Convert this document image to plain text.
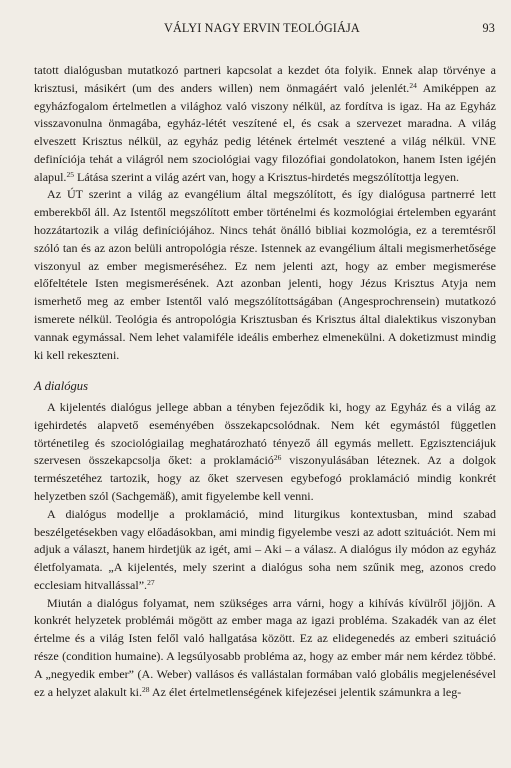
VÁLYI NAGY ERVIN TEOLÓGIÁJA	93

tatott dialógusban mutatkozó partneri kapcsolat a kezdet óta folyik. Ennek alap törvénye a krisztusi, másikért (um des anders willen) nem önmagáért való jelenlét.$^{24}$ Amiképpen az egyházfogalom értelmetlen a világhoz való viszony nélkül, az fordítva is igaz. Ha az Egyház visszavonulna önmagába, egyház-létét veszítené el, és csak a szervezet maradna. A világ elveszett Krisztus nélkül, az egyház pedig létének értelmét vesztené a világ nélkül. VNE definíciója tehát a világról nem szociológiai vagy filozófiai gondolatokon, hanem Isten igéjén alapul.$^{25}$ Látása szerint a világ azért van, hogy a Krisztus-hirdetés megszólítottja legyen.

Az ÚT szerint a világ az evangélium által megszólított, és így dialógusa partnerré lett emberekből áll. Az Istentől megszólított ember történelmi és kozmológiai értelemben egyaránt hozzátartozik a világ definíciójához. Nincs tehát önálló bibliai kozmológia, ez a teremtésről szóló tan és az azon belüli antropológia része. Istennek az evangélium általi megismerhetősége viszonyul az ember megismeréséhez. Ez nem jelenti azt, hogy az ember megismerése előfeltétele Isten megismerésének. Azt azonban jelenti, hogy Jézus Krisztus Atyja nem ismerhető meg az ember Istentől való megszólítottságában (Angesprochrensein) mutatkozó ismerete nélkül. Teológia és antropológia Krisztusban és Krisztus által dialektikus viszonyban vannak egymással. Nem lehet valamiféle ideális emberhez elmenekülni. A doketizmust mindig ki kell rekeszteni.

A dialógus

A kijelentés dialógus jellege abban a tényben fejeződik ki, hogy az Egyház és a világ az igehirdetés alapvető eseményében összekapcsolódnak. Nem két egymástól független történetileg és szociológiailag meghatározható tényező áll egymás mellett. Egzisztenciájuk szervesen összekapcsolja őket: a proklamáció$^{26}$ viszonyulásában léteznek. Az a dolgok természetéhez tartozik, hogy az őket szervesen egybefogó proklamáció mindig konkrét helyzetben szól (Sachgemäß), amit figyelembe kell venni.

A dialógus modellje a proklamáció, mind liturgikus kontextusban, mind szabad beszélgetésekben vagy előadásokban, ami mindig figyelembe veszi az adott szituációt. Nem mi adjuk a választ, hanem hirdetjük az igét, ami – Aki – a válasz. A dialógus ily módon az egyház életfolyamata. „A kijelentés, mely szerint a dialógus soha nem szűnik meg, azonos credo ecclesiam hitvallással”.$^{27}$

Miután a dialógus folyamat, nem szükséges arra várni, hogy a kihívás kívülről jöjjön. A konkrét helyzetek problémái mögött az ember maga az igazi probléma. Szakadék van az élet értelme és a világ Isten felől való hallgatása között. Ez az elidegenedés az emberi szituáció része (condition humaine). A legsúlyosabb probléma az, hogy az ember már nem kérdez többé. A „negyedik ember” (A. Weber) vallásos és vallástalan formában való globális megjelenésével ez a helyzet alakult ki.$^{28}$ Az élet értelmetlenségének kifejezései jelentik számunkra a leg-
